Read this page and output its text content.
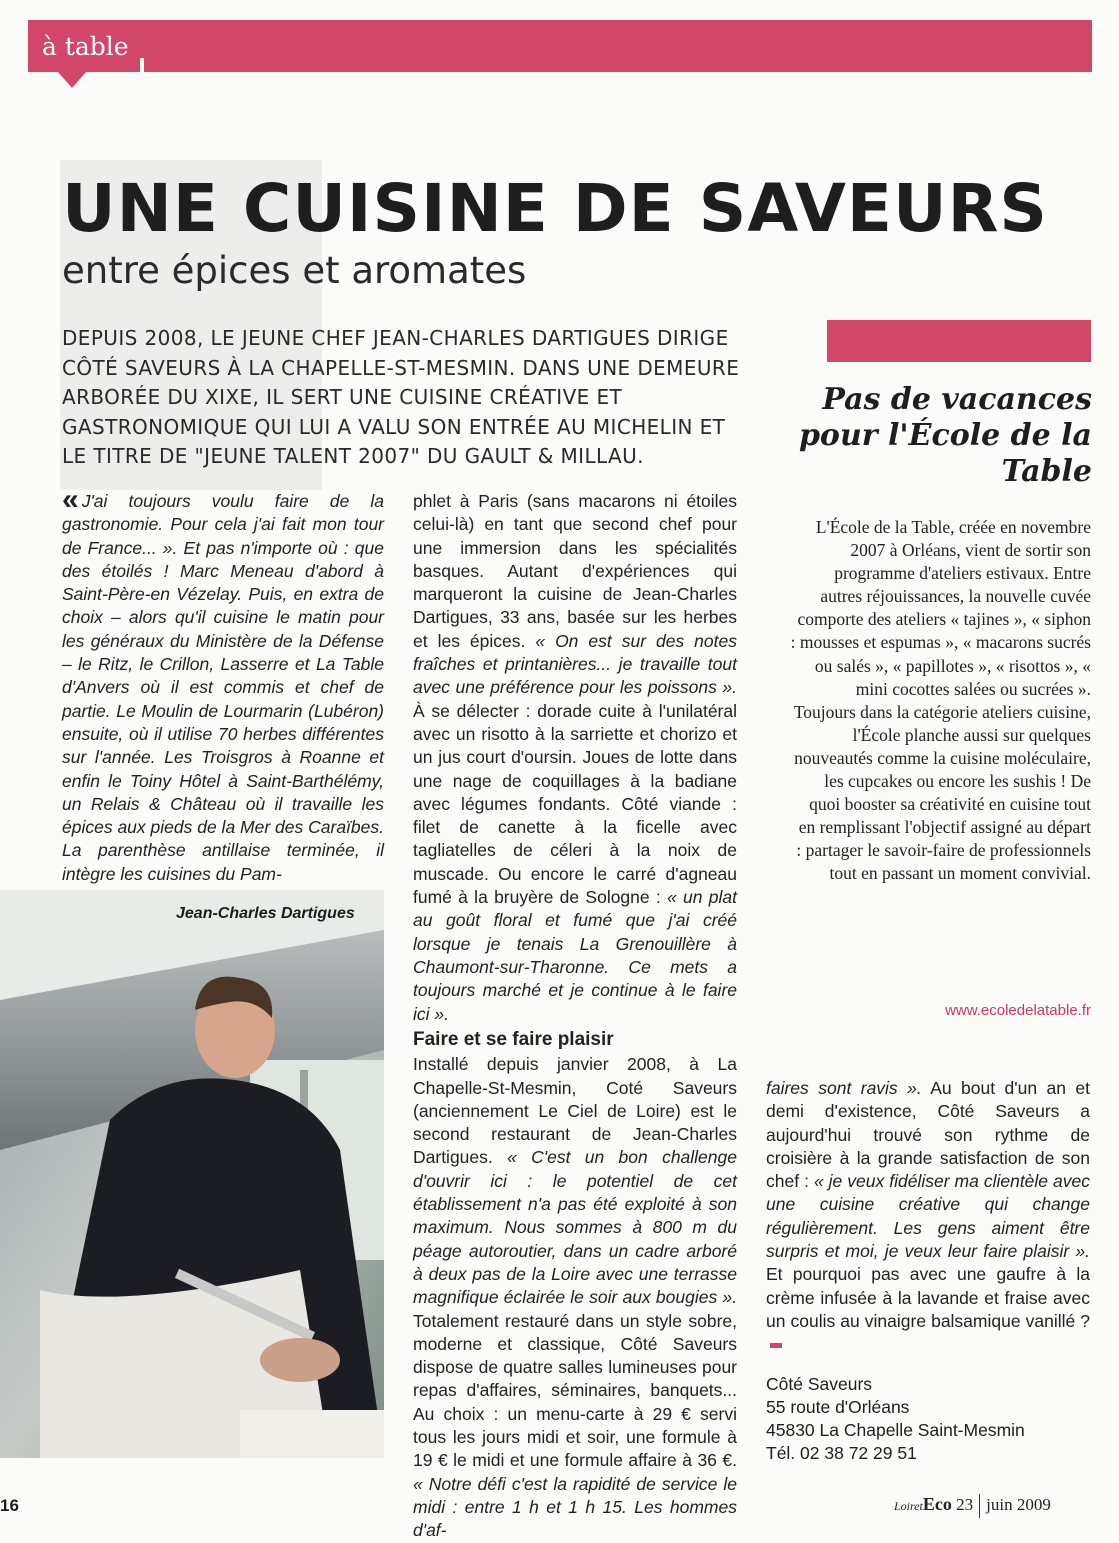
à table
UNE CUISINE DE SAVEURS
entre épices et aromates
DEPUIS 2008, LE JEUNE CHEF JEAN-CHARLES DARTIGUES DIRIGE CÔTÉ SAVEURS À LA CHAPELLE-ST-MESMIN. DANS UNE DEMEURE ARBORÉE DU XIXE, IL SERT UNE CUISINE CRÉATIVE ET GASTRONOMIQUE QUI LUI A VALU SON ENTRÉE AU MICHELIN ET LE TITRE DE "JEUNE TALENT 2007" DU GAULT & MILLAU.

« J'ai toujours voulu faire de la gastronomie. Pour cela j'ai fait mon tour de France... ». Et pas n'importe où : que des étoilés ! Marc Meneau d'abord à Saint-Père-en Vézelay. Puis, en extra de choix – alors qu'il cuisine le matin pour les généraux du Ministère de la Défense – le Ritz, le Crillon, Lasserre et La Table d'Anvers où il est commis et chef de partie. Le Moulin de Lourmarin (Lubéron) ensuite, où il utilise 70 herbes différentes sur l'année. Les Troisgros à Roanne et enfin le Toiny Hôtel à Saint-Barthélémy, un Relais & Château où il travaille les épices aux pieds de la Mer des Caraïbes. La parenthèse antillaise terminée, il intègre les cuisines du Pam-

phlet à Paris (sans macarons ni étoiles celui-là) en tant que second chef pour une immersion dans les spécialités basques. Autant d'expériences qui marqueront la cuisine de Jean-Charles Dartigues, 33 ans, basée sur les herbes et les épices. « On est sur des notes fraîches et printanières... je travaille tout avec une préférence pour les poissons ». À se délecter : dorade cuite à l'unilatéral avec un risotto à la sarriette et chorizo et un jus court d'oursin. Joues de lotte dans une nage de coquillages à la badiane avec légumes fondants. Côté viande : filet de canette à la ficelle avec tagliatelles de céleri à la noix de muscade. Ou encore le carré d'agneau fumé à la bruyère de Sologne : « un plat au goût floral et fumé que j'ai créé lorsque je tenais La Grenouillère à Chaumont-sur-Tharonne. Ce mets a toujours marché et je continue à le faire ici ».

Faire et se faire plaisir

Installé depuis janvier 2008, à La Chapelle-St-Mesmin, Coté Saveurs (anciennement Le Ciel de Loire) est le second restaurant de Jean-Charles Dartigues. « C'est un bon challenge d'ouvrir ici : le potentiel de cet établissement n'a pas été exploité à son maximum. Nous sommes à 800 m du péage autoroutier, dans un cadre arboré à deux pas de la Loire avec une terrasse magnifique éclairée le soir aux bougies ». Totalement restauré dans un style sobre, moderne et classique, Côté Saveurs dispose de quatre salles lumineuses pour repas d'affaires, séminaires, banquets... Au choix : un menu-carte à 29 € servi tous les jours midi et soir, une formule à 19 € le midi et une formule affaire à 36 €. « Notre défi c'est la rapidité de service le midi : entre 1 h et 1 h 15. Les hommes d'af-

faires sont ravis ». Au bout d'un an et demi d'existence, Côté Saveurs a aujourd'hui trouvé son rythme de croisière à la grande satisfaction de son chef : « je veux fidéliser ma clientèle avec une cuisine créative qui change régulièrement. Les gens aiment être surpris et moi, je veux leur faire plaisir ». Et pourquoi pas avec une gaufre à la crème infusée à la lavande et fraise avec un coulis au vinaigre balsamique vanillé ?

Côté Saveurs
55 route d'Orléans
45830 La Chapelle Saint-Mesmin
Tél. 02 38 72 29 51
Jean-Charles Dartigues
Pas de vacances pour l'École de la Table
L'École de la Table, créée en novembre 2007 à Orléans, vient de sortir son programme d'ateliers estivaux. Entre autres réjouissances, la nouvelle cuvée comporte des ateliers « tajines », « siphon : mousses et espumas », « macarons sucrés ou salés », « papillotes », « risottos », « mini cocottes salées ou sucrées ». Toujours dans la catégorie ateliers cuisine, l'École planche aussi sur quelques nouveautés comme la cuisine moléculaire, les cupcakes ou encore les sushis ! De quoi booster sa créativité en cuisine tout en remplissant l'objectif assigné au départ : partager le savoir-faire de professionnels tout en passant un moment convivial.
www.ecoledelatable.fr
16	LoiretEco 23 juin 2009
